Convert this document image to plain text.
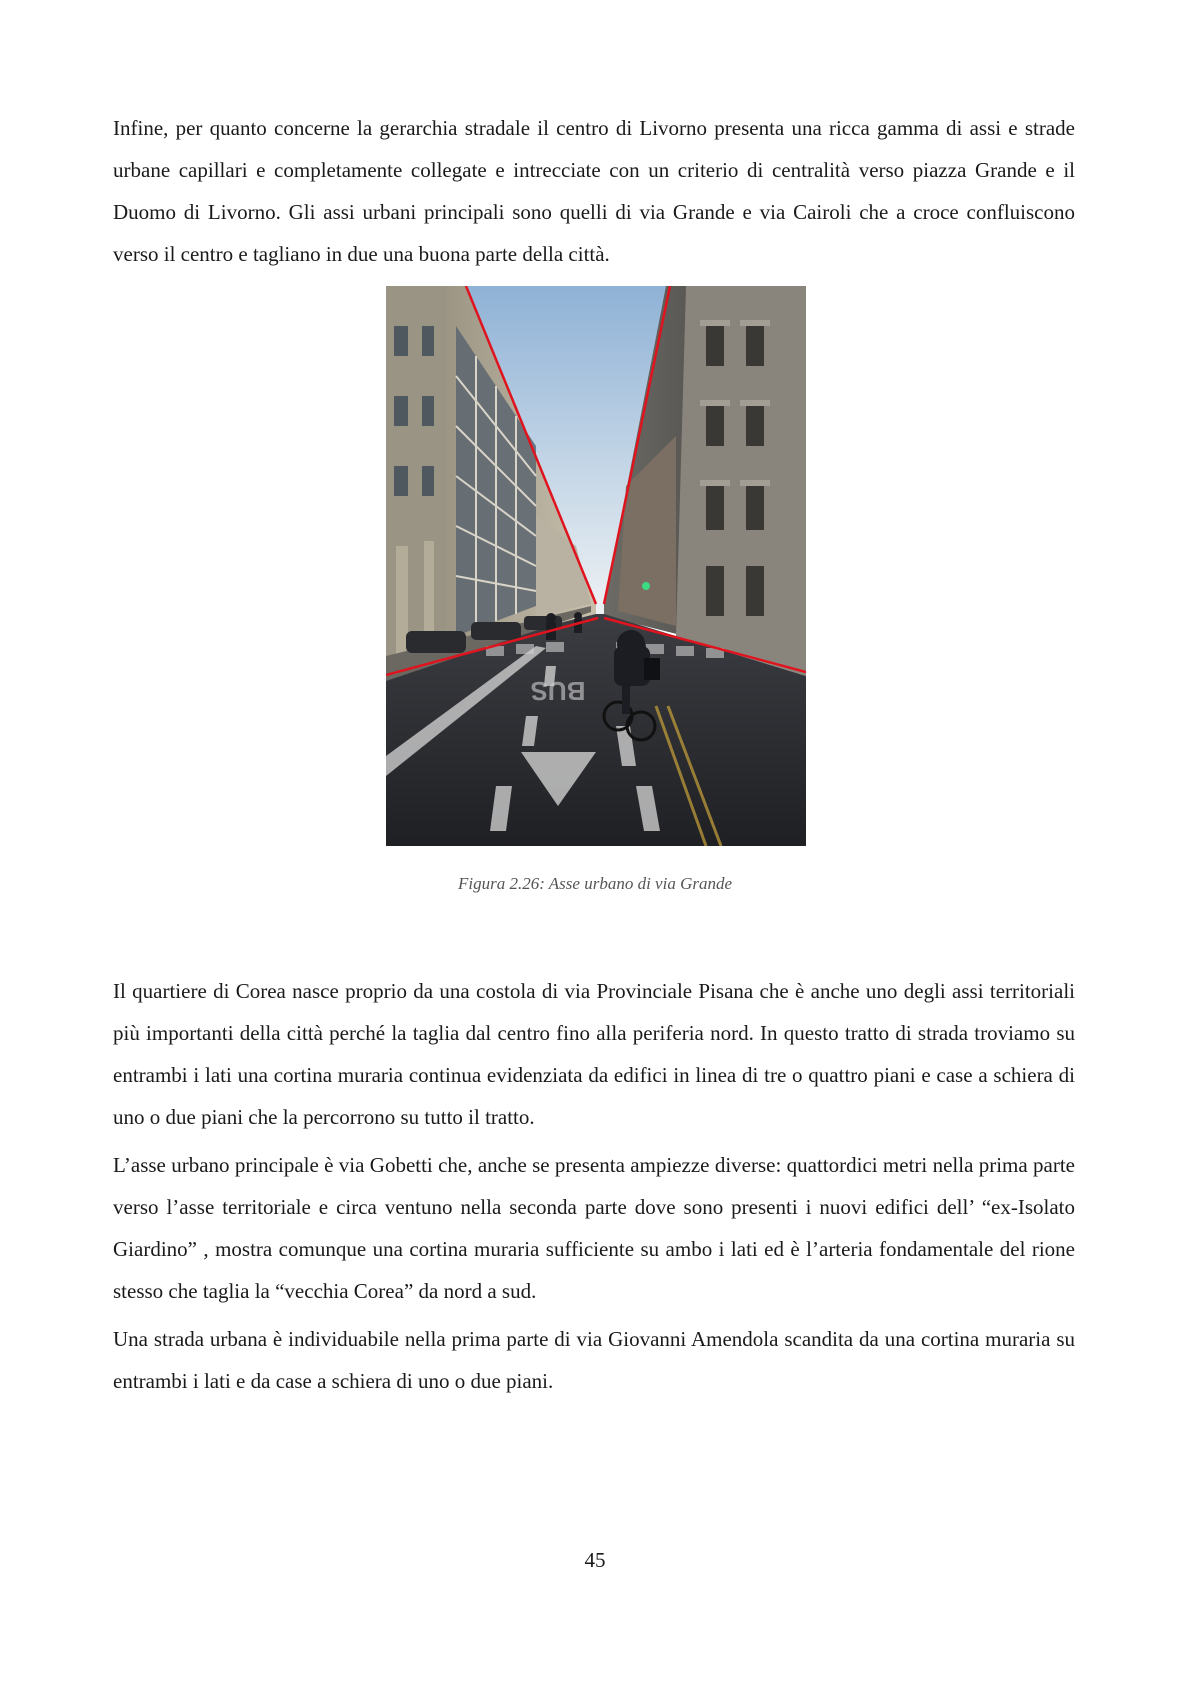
Infine, per quanto concerne la gerarchia stradale il centro di Livorno presenta una ricca gamma di assi e strade urbane capillari e completamente collegate e intrecciate con un criterio di centralità verso piazza Grande e il Duomo di Livorno. Gli assi urbani principali sono quelli di via Grande e via Cairoli che a croce confluiscono verso il centro e tagliano in due una buona parte della città.

BUS
Figura 2.26: Asse urbano di via Grande

Il quartiere di Corea nasce proprio da una costola di via Provinciale Pisana che è anche uno degli assi territoriali più importanti della città perché la taglia dal centro fino alla periferia nord. In questo tratto di strada troviamo su entrambi i lati una cortina muraria continua evidenziata da edifici in linea di tre o quattro piani e case a schiera di uno o due piani che la percorrono su tutto il tratto.

L’asse urbano principale è via Gobetti che, anche se presenta ampiezze diverse: quattordici metri nella prima parte verso l’asse territoriale e circa ventuno nella seconda parte dove sono presenti i nuovi edifici dell’ “ex-Isolato Giardino” , mostra comunque una cortina muraria sufficiente su ambo i lati ed è l’arteria fondamentale del rione stesso che taglia la “vecchia Corea” da nord a sud.

Una strada urbana è individuabile nella prima parte di via Giovanni Amendola scandita da una cortina muraria su entrambi i lati e da case a schiera di uno o due piani.

45
